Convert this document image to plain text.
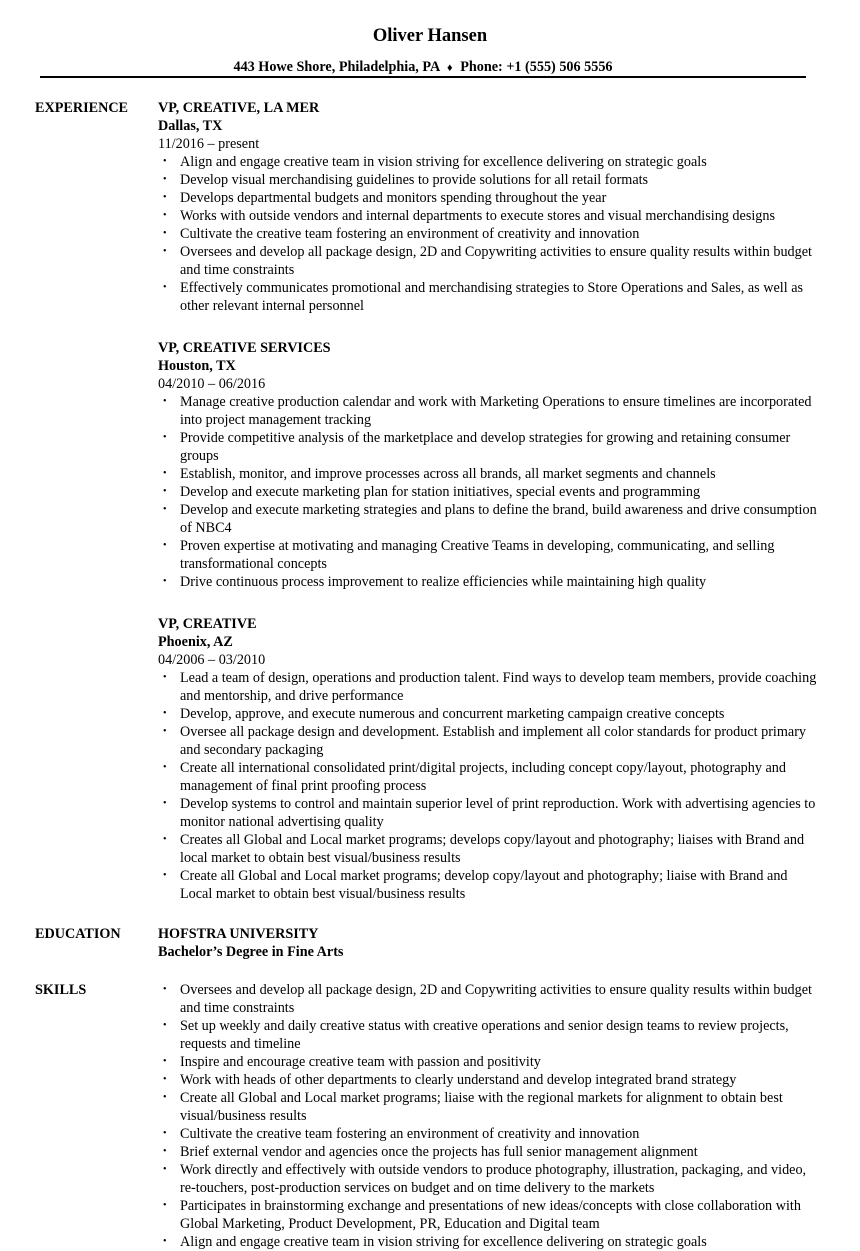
Oliver Hansen
443 Howe Shore, Philadelphia, PA ♦ Phone: +1 (555) 506 5556
EXPERIENCE VP, CREATIVE, LA MER
Dallas, TX
11/2016 – present
• Align and engage creative team in vision striving for excellence delivering on strategic goals
• Develop visual merchandising guidelines to provide solutions for all retail formats
• Develops departmental budgets and monitors spending throughout the year
• Works with outside vendors and internal departments to execute stores and visual merchandising designs
• Cultivate the creative team fostering an environment of creativity and innovation
• Oversees and develop all package design, 2D and Copywriting activities to ensure quality results within budget and time constraints
• Effectively communicates promotional and merchandising strategies to Store Operations and Sales, as well as other relevant internal personnel
VP, CREATIVE SERVICES
Houston, TX
04/2010 – 06/2016
• Manage creative production calendar and work with Marketing Operations to ensure timelines are incorporated into project management tracking
• Provide competitive analysis of the marketplace and develop strategies for growing and retaining consumer groups
• Establish, monitor, and improve processes across all brands, all market segments and channels
• Develop and execute marketing plan for station initiatives, special events and programming
• Develop and execute marketing strategies and plans to define the brand, build awareness and drive consumption of NBC4
• Proven expertise at motivating and managing Creative Teams in developing, communicating, and selling transformational concepts
• Drive continuous process improvement to realize efficiencies while maintaining high quality
VP, CREATIVE
Phoenix, AZ
04/2006 – 03/2010
• Lead a team of design, operations and production talent. Find ways to develop team members, provide coaching and mentorship, and drive performance
• Develop, approve, and execute numerous and concurrent marketing campaign creative concepts
• Oversee all package design and development. Establish and implement all color standards for product primary and secondary packaging
• Create all international consolidated print/digital projects, including concept copy/layout, photography and management of final print proofing process
• Develop systems to control and maintain superior level of print reproduction. Work with advertising agencies to monitor national advertising quality
• Creates all Global and Local market programs; develops copy/layout and photography; liaises with Brand and local market to obtain best visual/business results
• Create all Global and Local market programs; develop copy/layout and photography; liaise with Brand and Local market to obtain best visual/business results
EDUCATION	HOFSTRA UNIVERSITY
Bachelor’s Degree in Fine Arts
SKILLS	• Oversees and develop all package design, 2D and Copywriting activities to ensure quality results within budget and time constraints
• Set up weekly and daily creative status with creative operations and senior design teams to review projects, requests and timeline
• Inspire and encourage creative team with passion and positivity
• Work with heads of other departments to clearly understand and develop integrated brand strategy
• Create all Global and Local market programs; liaise with the regional markets for alignment to obtain best visual/business results
• Cultivate the creative team fostering an environment of creativity and innovation
• Brief external vendor and agencies once the projects has full senior management alignment
• Work directly and effectively with outside vendors to produce photography, illustration, packaging, and video, re-touchers, post-production services on budget and on time delivery to the markets
• Participates in brainstorming exchange and presentations of new ideas/concepts with close collaboration with Global Marketing, Product Development, PR, Education and Digital team
• Align and engage creative team in vision striving for excellence delivering on strategic goals
